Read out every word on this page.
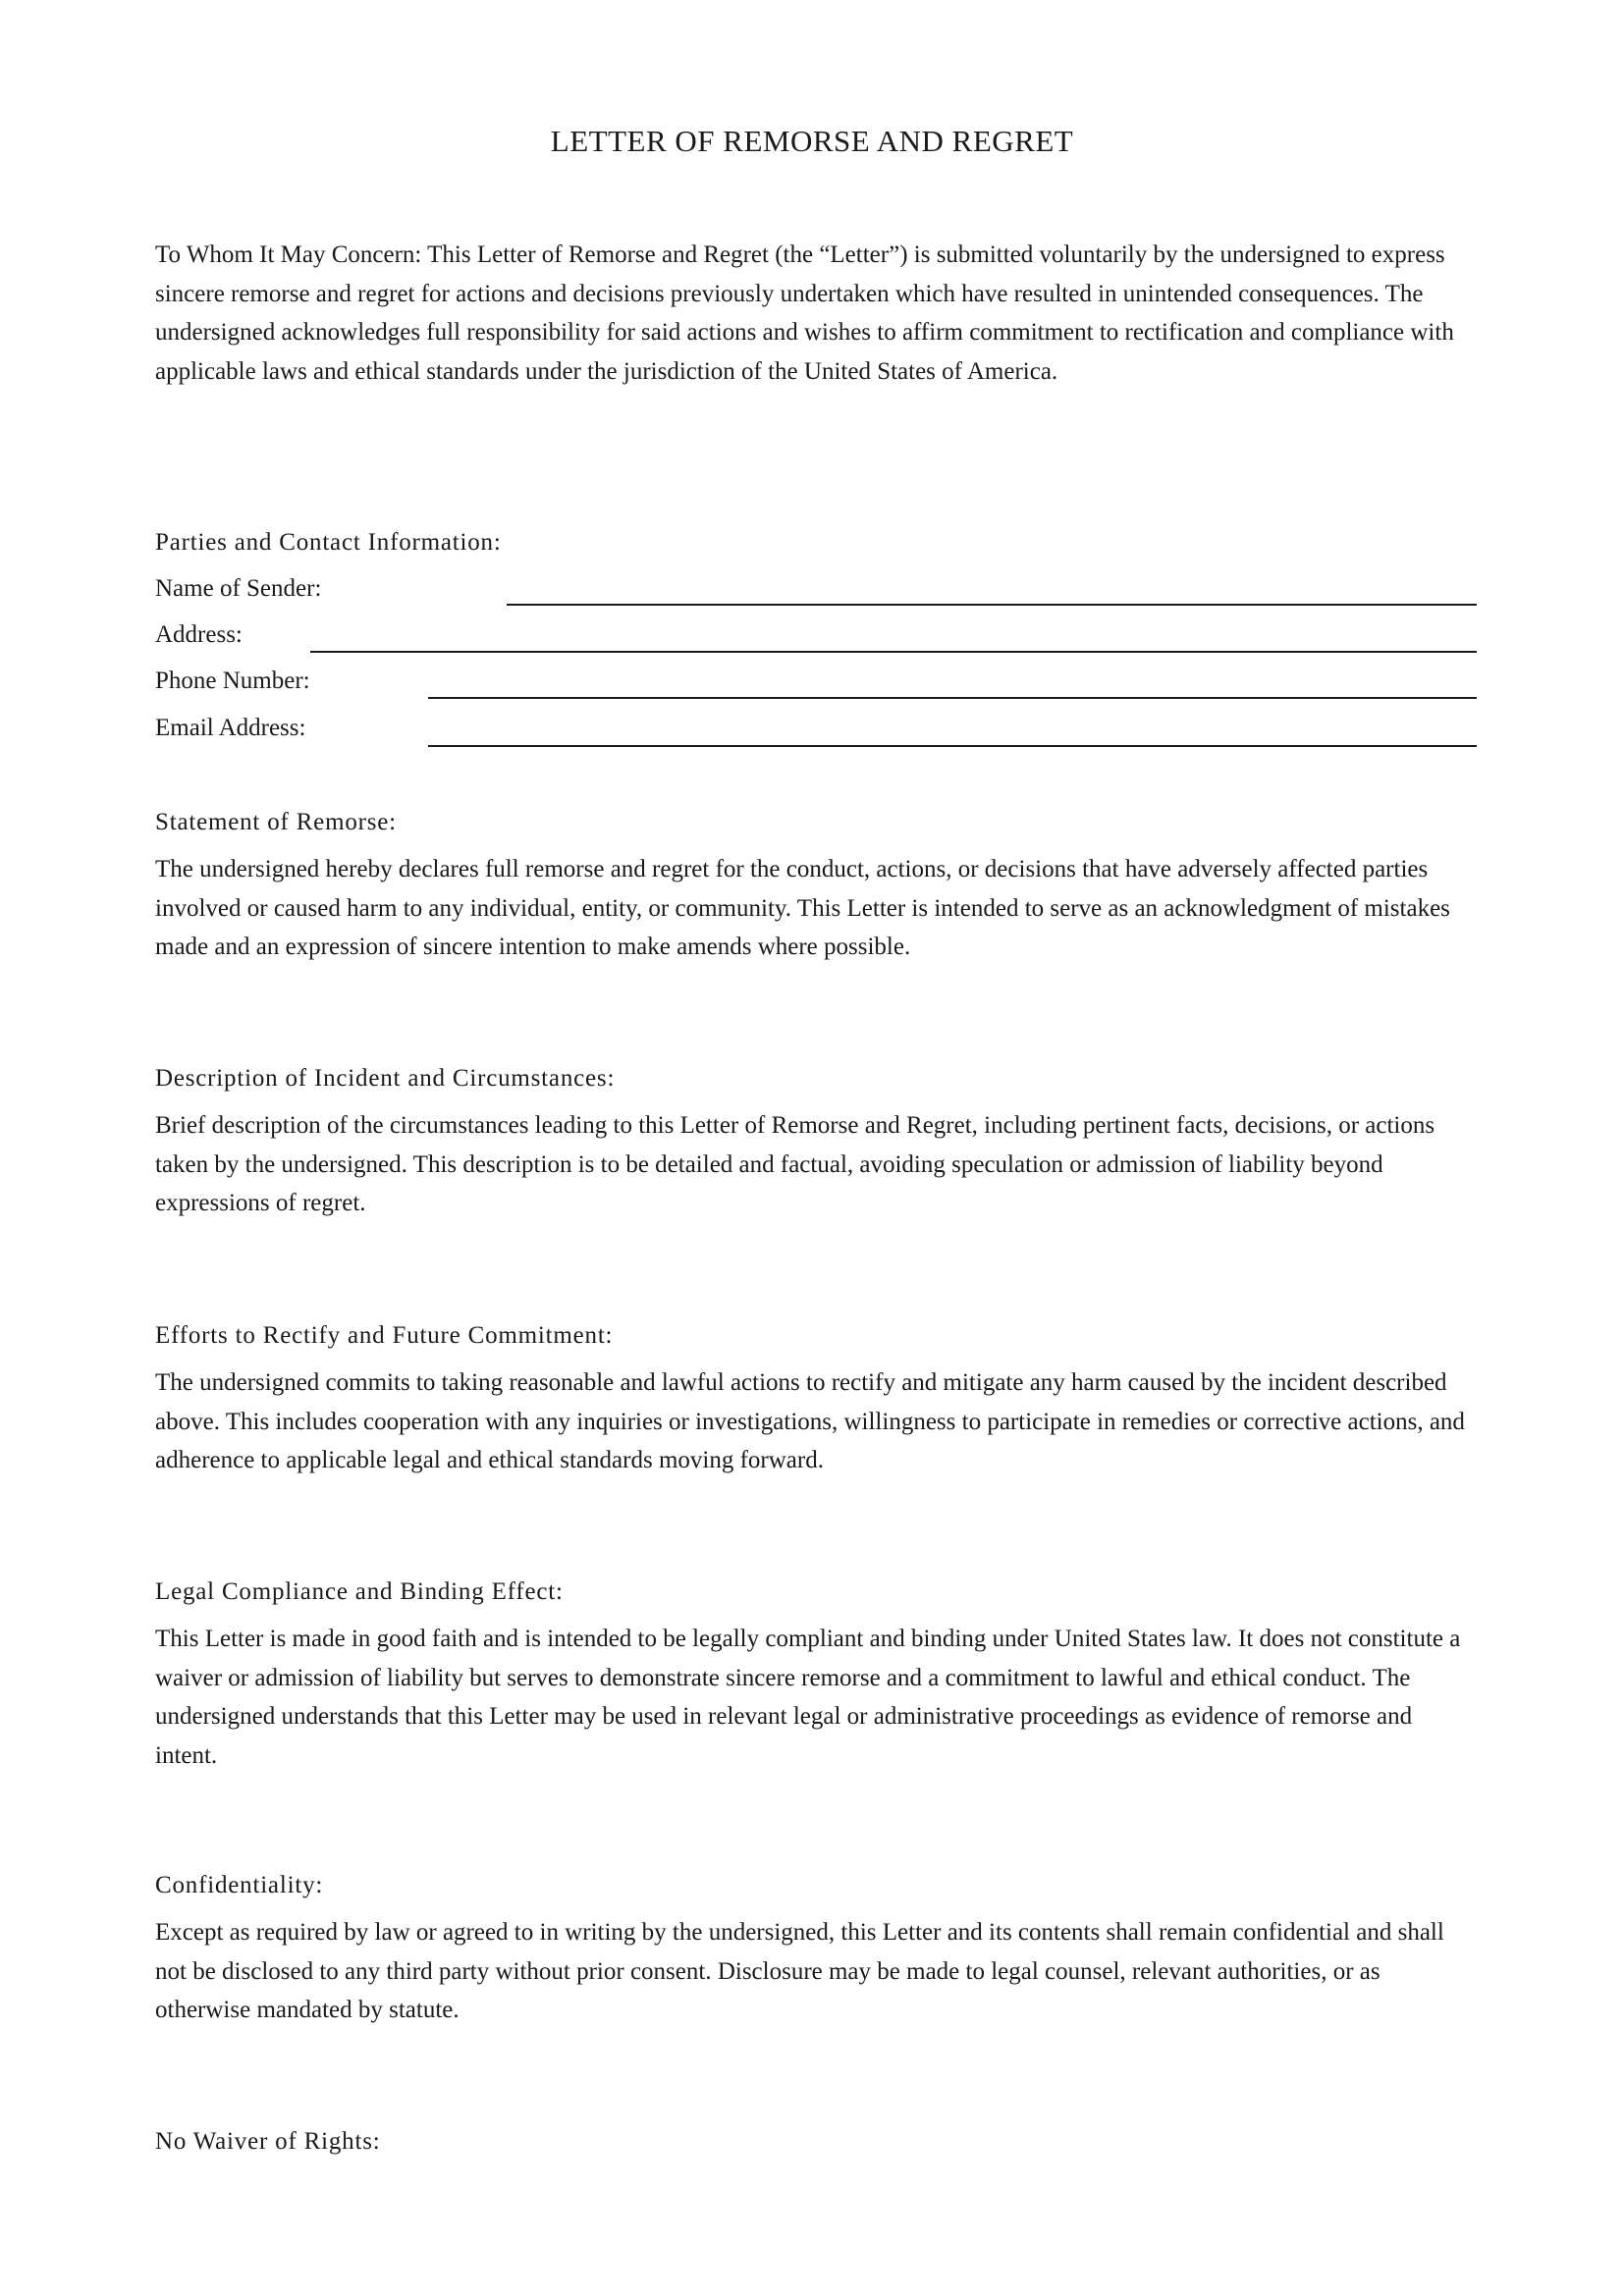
LETTER OF REMORSE AND REGRET
To Whom It May Concern: This Letter of Remorse and Regret (the “Letter”) is submitted voluntarily by the undersigned to express sincere remorse and regret for actions and decisions previously undertaken which have resulted in unintended consequences. The undersigned acknowledges full responsibility for said actions and wishes to affirm commitment to rectification and compliance with applicable laws and ethical standards under the jurisdiction of the United States of America.
Parties and Contact Information:
Name of Sender:
Address:
Phone Number:
Email Address:
Statement of Remorse:
The undersigned hereby declares full remorse and regret for the conduct, actions, or decisions that have adversely affected parties involved or caused harm to any individual, entity, or community. This Letter is intended to serve as an acknowledgment of mistakes made and an expression of sincere intention to make amends where possible.
Description of Incident and Circumstances:
Brief description of the circumstances leading to this Letter of Remorse and Regret, including pertinent facts, decisions, or actions taken by the undersigned. This description is to be detailed and factual, avoiding speculation or admission of liability beyond expressions of regret.
Efforts to Rectify and Future Commitment:
The undersigned commits to taking reasonable and lawful actions to rectify and mitigate any harm caused by the incident described above. This includes cooperation with any inquiries or investigations, willingness to participate in remedies or corrective actions, and adherence to applicable legal and ethical standards moving forward.
Legal Compliance and Binding Effect:
This Letter is made in good faith and is intended to be legally compliant and binding under United States law. It does not constitute a waiver or admission of liability but serves to demonstrate sincere remorse and a commitment to lawful and ethical conduct. The undersigned understands that this Letter may be used in relevant legal or administrative proceedings as evidence of remorse and intent.
Confidentiality:
Except as required by law or agreed to in writing by the undersigned, this Letter and its contents shall remain confidential and shall not be disclosed to any third party without prior consent. Disclosure may be made to legal counsel, relevant authorities, or as otherwise mandated by statute.
No Waiver of Rights:
